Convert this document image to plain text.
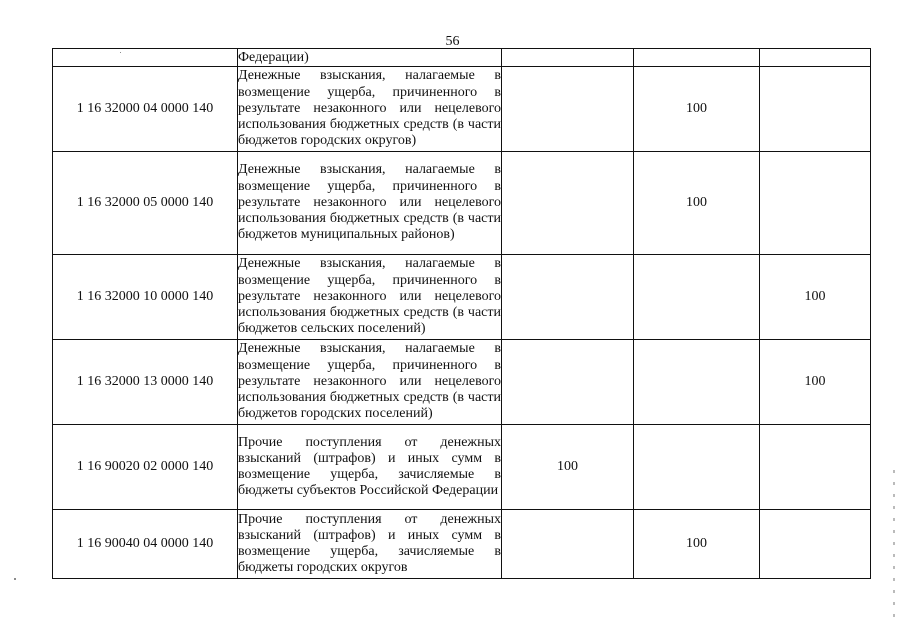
56
	Федерации)			
1 16 32000 04 0000 140	Денежные взыскания, налагаемые в возмещение ущерба, причиненного в результате незаконного или нецелевого использования бюджетных средств (в части бюджетов городских округов)		100	
1 16 32000 05 0000 140	Денежные взыскания, налагаемые в возмещение ущерба, причиненного в результате незаконного или нецелевого использования бюджетных средств (в части бюджетов муниципальных районов)		100	
1 16 32000 10 0000 140	Денежные взыскания, налагаемые в возмещение ущерба, причиненного в результате незаконного или нецелевого использования бюджетных средств (в части бюджетов сельских поселений)			100
1 16 32000 13 0000 140	Денежные взыскания, налагаемые в возмещение ущерба, причиненного в результате незаконного или нецелевого использования бюджетных средств (в части бюджетов городских поселений)			100
1 16 90020 02 0000 140	Прочие поступления от денежных взысканий (штрафов) и иных сумм в возмещение ущерба, зачисляемые в бюджеты субъектов Российской Федерации	100		
1 16 90040 04 0000 140	Прочие поступления от денежных взысканий (штрафов) и иных сумм в возмещение ущерба, зачисляемые в бюджеты городских округов		100	
